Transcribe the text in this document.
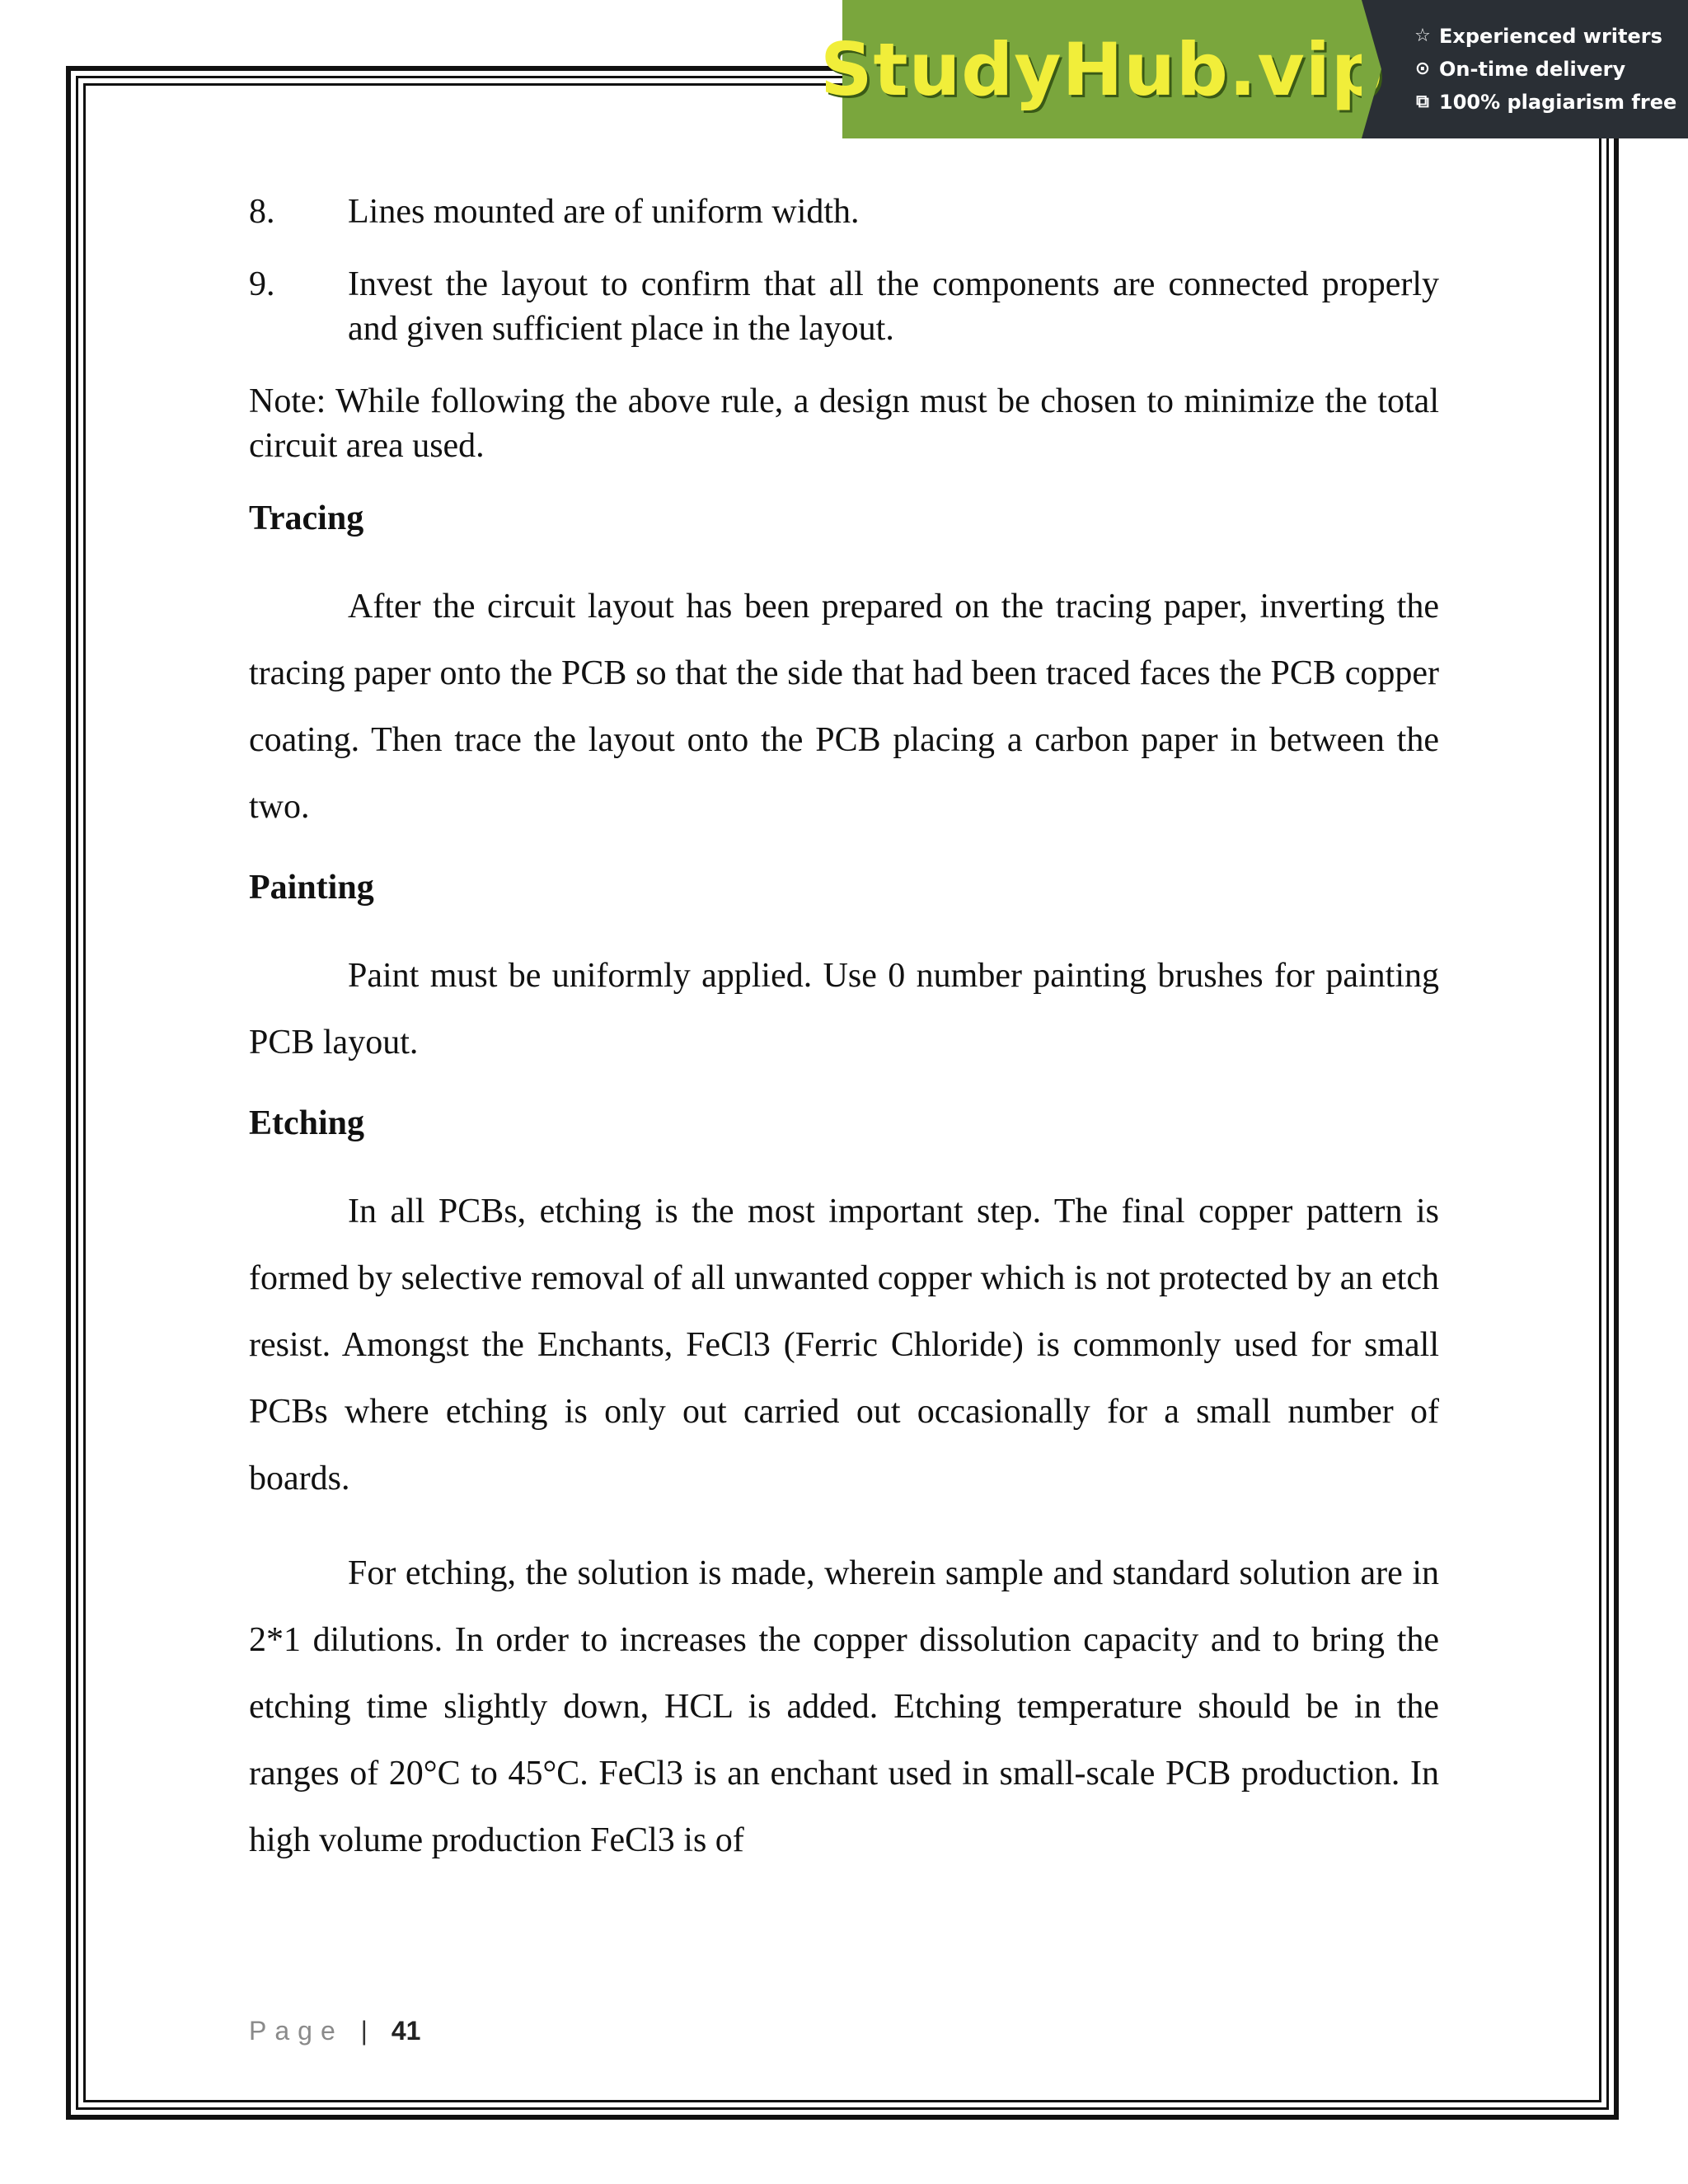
StudyHub.vip ☆ Experienced writers
⊙ On-time delivery
⧉ 100% plagiarism free
8. Lines mounted are of uniform width.
9. Invest the layout to confirm that all the components are connected properly and given sufficient place in the layout.
Note: While following the above rule, a design must be chosen to minimize the total circuit area used.
Tracing
After the circuit layout has been prepared on the tracing paper, inverting the tracing paper onto the PCB so that the side that had been traced faces the PCB copper coating. Then trace the layout onto the PCB placing a carbon paper in between the two.
Painting
Paint must be uniformly applied. Use 0 number painting brushes for painting PCB layout.
Etching
In all PCBs, etching is the most important step. The final copper pattern is formed by selective removal of all unwanted copper which is not protected by an etch resist. Amongst the Enchants, FeCl3 (Ferric Chloride) is commonly used for small PCBs where etching is only out carried out occasionally for a small number of boards.
For etching, the solution is made, wherein sample and standard solution are in 2*1 dilutions. In order to increases the copper dissolution capacity and to bring the etching time slightly down, HCL is added. Etching temperature should be in the ranges of 20°C to 45°C. FeCl3 is an enchant used in small-scale PCB production. In high volume production FeCl3 is of
Page | 41
